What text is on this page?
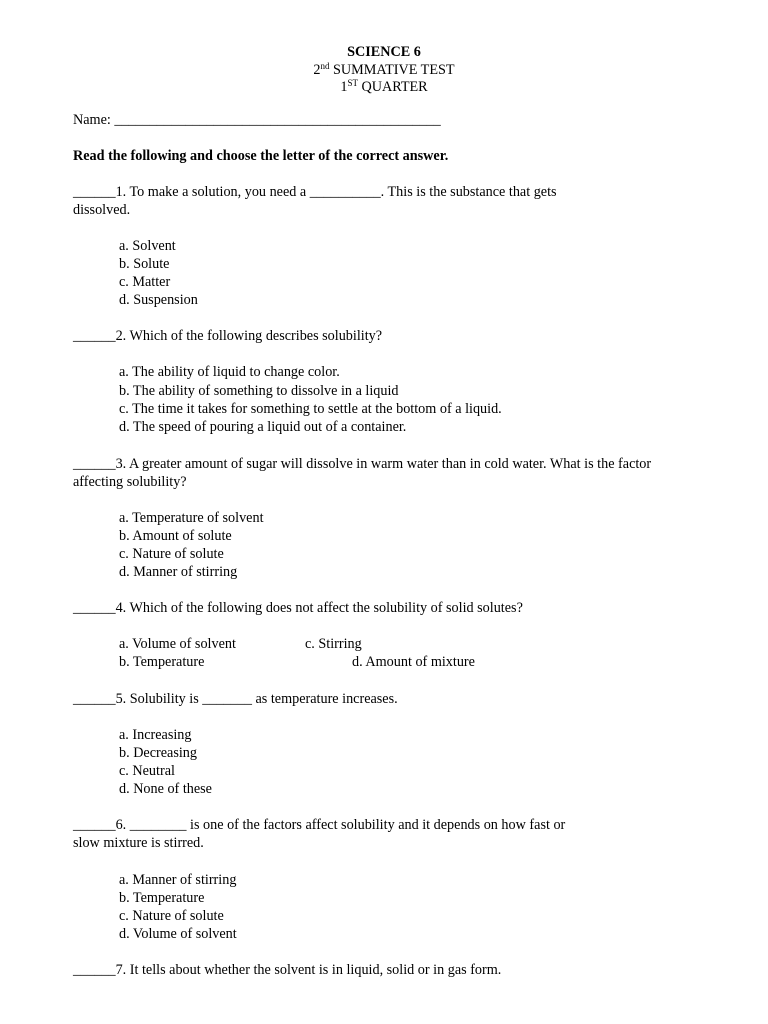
SCIENCE 6
2nd SUMMATIVE TEST
1ST QUARTER
Name: ______________________________________________
Read the following and choose the letter of the correct answer.
______1. To make a solution, you need a __________. This is the substance that gets
dissolved.
a. Solvent
b. Solute
c. Matter
d. Suspension
______2. Which of the following describes solubility?
a. The ability of liquid to change color.
b. The ability of something to dissolve in a liquid
c. The time it takes for something to settle at the bottom of a liquid.
d. The speed of pouring a liquid out of a container.
______3. A greater amount of sugar will dissolve in warm water than in cold water. What is the factor
affecting solubility?
a. Temperature of solvent
b. Amount of solute
c. Nature of solute
d. Manner of stirring
______4. Which of the following does not affect the solubility of solid solutes?
a. Volume of solvent	c. Stirring
b. Temperature	d. Amount of mixture
______5. Solubility is _______ as temperature increases.
a. Increasing
b. Decreasing
c. Neutral
d. None of these
______6. ________ is one of the factors affect solubility and it depends on how fast or
slow mixture is stirred.
a. Manner of stirring
b. Temperature
c. Nature of solute
d. Volume of solvent
______7. It tells about whether the solvent is in liquid, solid or in gas form.
